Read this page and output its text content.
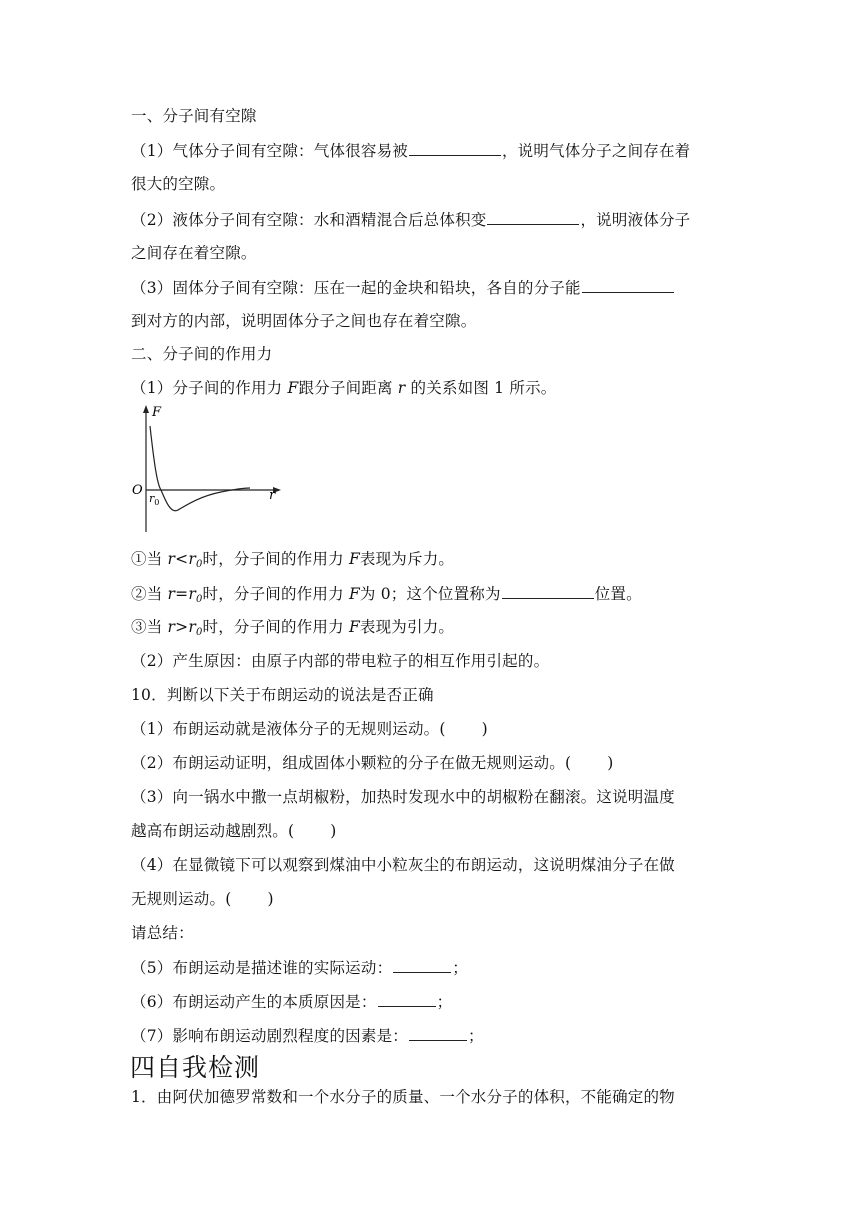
一、分子间有空隙
（1）气体分子间有空隙：气体很容易被	，说明气体分子之间存在着
很大的空隙。
（2）液体分子间有空隙：水和酒精混合后总体积变	，说明液体分子
之间存在着空隙。
（3）固体分子间有空隙：压在一起的金块和铅块，各自的分子能
到对方的内部，说明固体分子之间也存在着空隙。
二、分子间的作用力
（1）分子间的作用力 F跟分子间距离 r 的关系如图 1 所示。
F
r
O
$r_0$
①当 $r<r_0$时，分子间的作用力 F表现为斥力。
②当 $r=r_0$时，分子间的作用力 F为 0；这个位置称为	位置。
③当 $r>r_0$时，分子间的作用力 F表现为引力。
（2）产生原因：由原子内部的带电粒子的相互作用引起的。
10．判断以下关于布朗运动的说法是否正确
（1）布朗运动就是液体分子的无规则运动。( )
（2）布朗运动证明，组成固体小颗粒的分子在做无规则运动。( )
（3）向一锅水中撒一点胡椒粉，加热时发现水中的胡椒粉在翻滚。这说明温度
越高布朗运动越剧烈。( )
（4）在显微镜下可以观察到煤油中小粒灰尘的布朗运动，这说明煤油分子在做
无规则运动。( )
请总结：
（5）布朗运动是描述谁的实际运动：	；
（6）布朗运动产生的本质原因是：	；
（7）影响布朗运动剧烈程度的因素是：	；
四自我检测
1．由阿伏加德罗常数和一个水分子的质量、一个水分子的体积，不能确定的物
